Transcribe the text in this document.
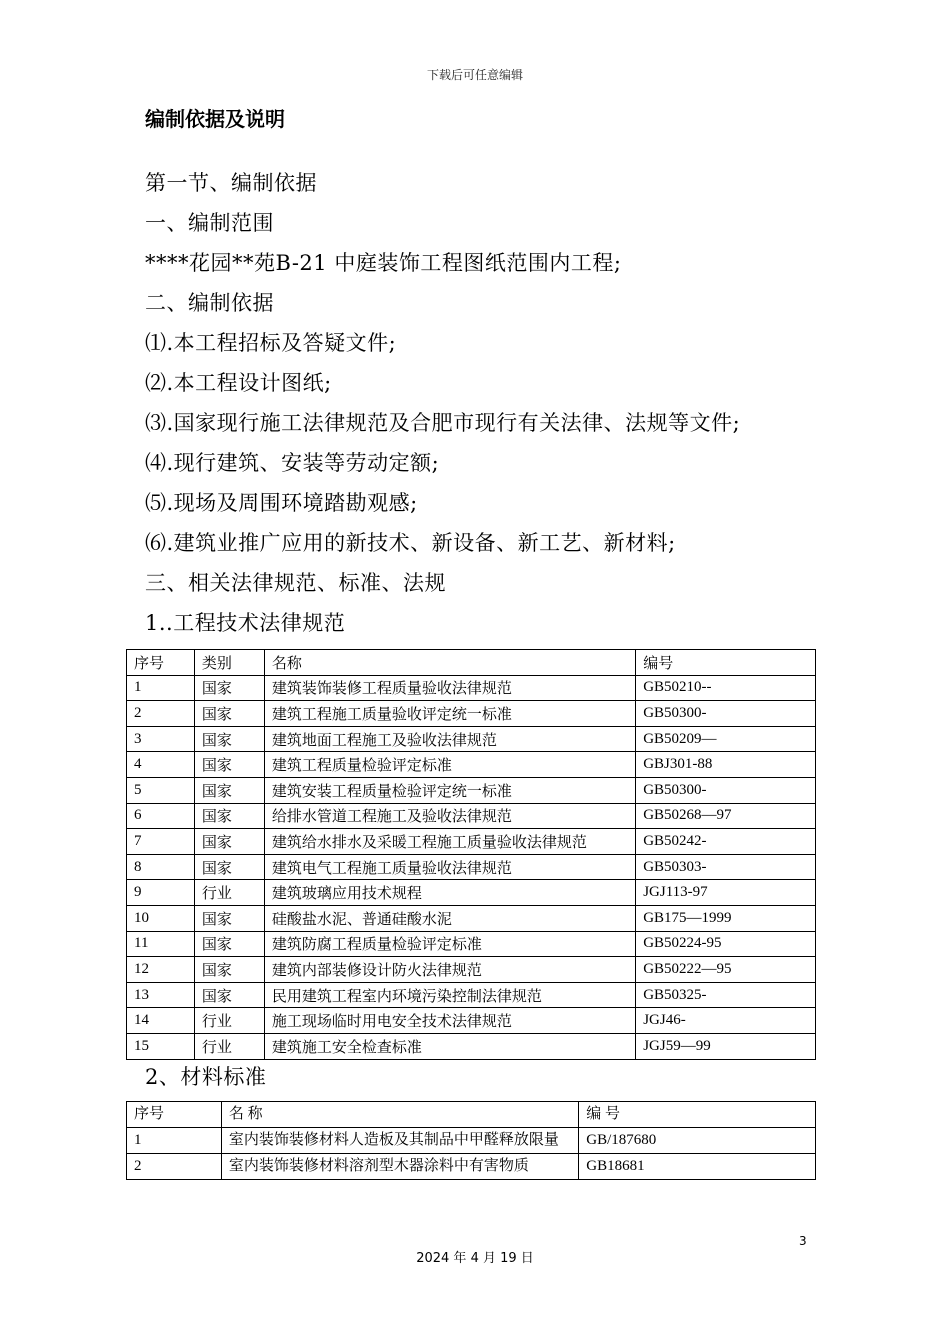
下载后可任意编辑
编制依据及说明
第一节、编制依据
一、编制范围
****花园**苑B-21 中庭装饰工程图纸范围内工程;
二、编制依据
⑴.本工程招标及答疑文件;
⑵.本工程设计图纸;
⑶.国家现行施工法律规范及合肥市现行有关法律、法规等文件;
⑷.现行建筑、安装等劳动定额;
⑸.现场及周围环境踏勘观感;
⑹.建筑业推广应用的新技术、新设备、新工艺、新材料;
三、相关法律规范、标准、法规
1..工程技术法律规范
序号	类别	名称	编号
1	国家	建筑装饰装修工程质量验收法律规范	GB50210--
2	国家	建筑工程施工质量验收评定统一标准	GB50300-
3	国家	建筑地面工程施工及验收法律规范	GB50209—
4	国家	建筑工程质量检验评定标准	GBJ301-88
5	国家	建筑安装工程质量检验评定统一标准	GB50300-
6	国家	给排水管道工程施工及验收法律规范	GB50268—97
7	国家	建筑给水排水及采暖工程施工质量验收法律规范	GB50242-
8	国家	建筑电气工程施工质量验收法律规范	GB50303-
9	行业	建筑玻璃应用技术规程	JGJ113-97
10	国家	硅酸盐水泥、普通硅酸水泥	GB175—1999
11	国家	建筑防腐工程质量检验评定标准	GB50224-95
12	国家	建筑内部装修设计防火法律规范	GB50222—95
13	国家	民用建筑工程室内环境污染控制法律规范	GB50325-
14	行业	施工现场临时用电安全技术法律规范	JGJ46-
15	行业	建筑施工安全检查标准	JGJ59—99
2、材料标准
序号	名 称	编 号
1	室内装饰装修材料人造板及其制品中甲醛释放限量	GB/187680
2	室内装饰装修材料溶剂型木器涂料中有害物质	GB18681
3
2024 年 4 月 19 日
